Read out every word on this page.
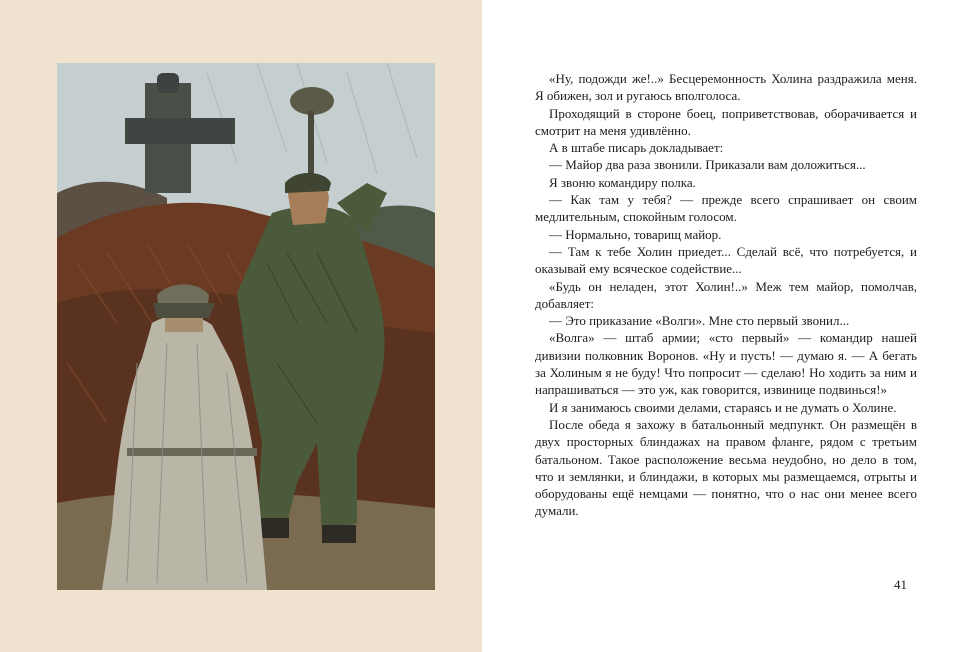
«Ну, подожди же!..» Бесцеремонность Холина раздражила меня. Я обижен, зол и ругаюсь вполголоса.

Проходящий в стороне боец, поприветствовав, оборачивается и смотрит на меня удивлённо.

А в штабе писарь докладывает:

— Майор два раза звонили. Приказали вам доложиться...

Я звоню командиру полка.

— Как там у тебя? — прежде всего спрашивает он своим медлительным, спокойным голосом.

— Нормально, товарищ майор.

— Там к тебе Холин приедет... Сделай всё, что потребуется, и оказывай ему всяческое содействие...

«Будь он неладен, этот Холин!..» Меж тем майор, помолчав, добавляет:

— Это приказание «Волги». Мне сто первый звонил...

«Волга» — штаб армии; «сто первый» — командир нашей дивизии полковник Воронов. «Ну и пусть! — думаю я. — А бегать за Холиным я не буду! Что попросит — сделаю! Но ходить за ним и напрашиваться — это уж, как говорится, извинице подвинься!»

И я занимаюсь своими делами, стараясь и не думать о Холине.

После обеда я захожу в батальонный медпункт. Он размещён в двух просторных блиндажах на правом фланге, рядом с третьим батальоном. Такое расположение весьма неудобно, но дело в том, что и землянки, и блиндажи, в которых мы размещаемся, отрыты и оборудованы ещё немцами — понятно, что о нас они менее всего думали.

41
